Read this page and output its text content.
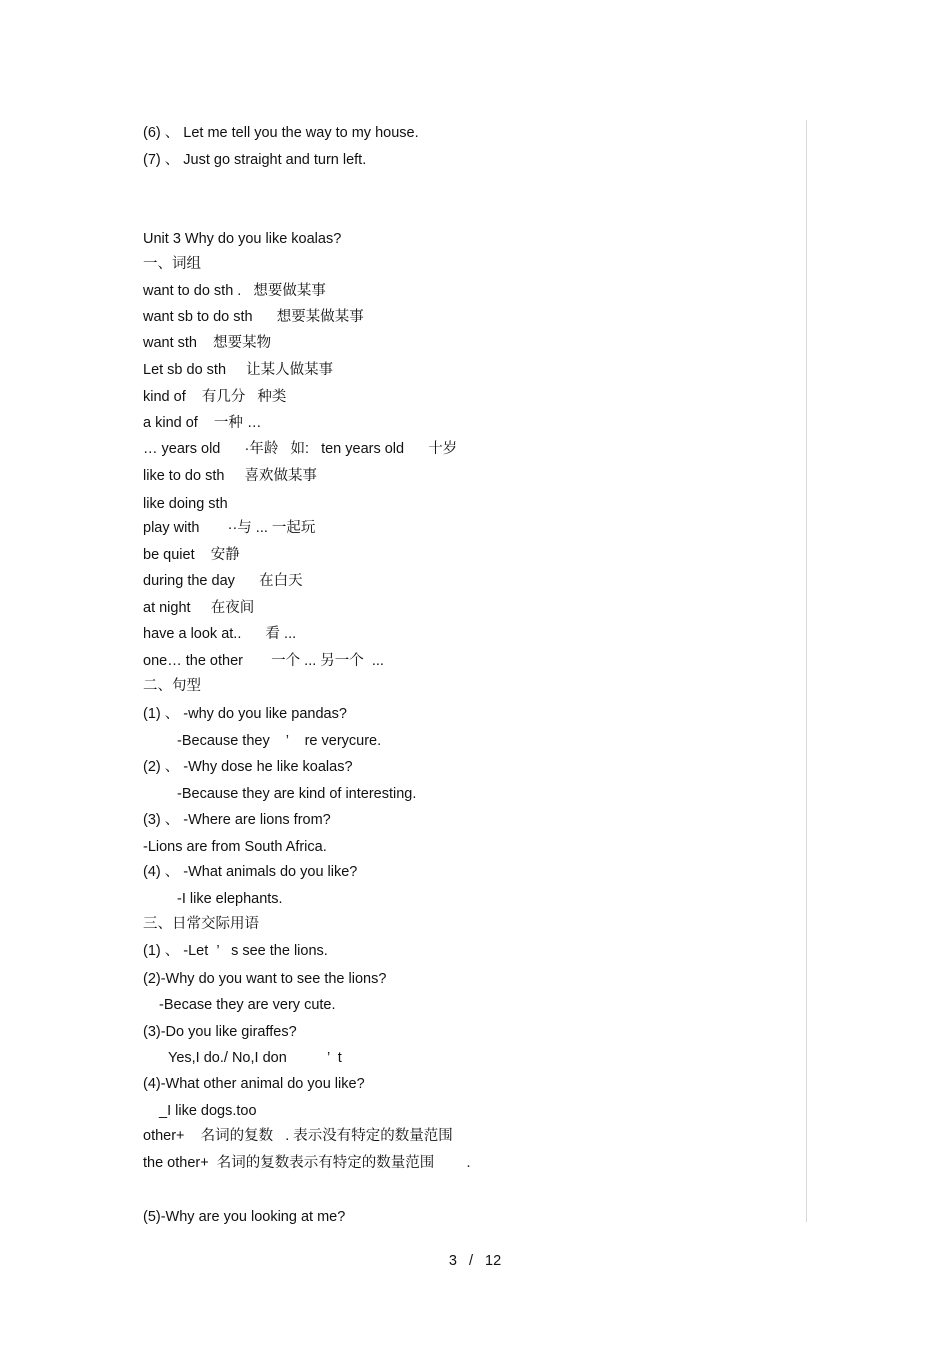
(6) 、 Let me tell you the way to my house.
(7) 、 Just go straight and turn left.
Unit 3 Why do you like koalas?
一、词组
want to do sth .   想要做某事
want sb to do sth      想要某做某事
want sth    想要某物
Let sb do sth     让某人做某事
kind of    有几分   种类
a kind of    一种 …
… years old      ·年龄   如:   ten years old      十岁
like to do sth     喜欢做某事
like doing sth
play with       ··与 ... 一起玩
be quiet    安静
during the day      在白天
at night     在夜间
have a look at..      看 ...
one… the other       一个 ... 另一个  ...
二、句型
(1) 、 -why do you like pandas?
-Because they    ’    re verycure.
(2) 、 -Why dose he like koalas?
-Because they are kind of interesting.
(3) 、 -Where are lions from?
-Lions are from South Africa.
(4) 、 -What animals do you like?
-I like elephants.
三、日常交际用语
(1) 、 -Let  ’   s see the lions.
(2)-Why do you want to see the lions?
-Becase they are very cute.
(3)-Do you like giraffes?
Yes,I do./ No,I don          ’  t
(4)-What other animal do you like?
_I like dogs.too
other+    名词的复数   . 表示没有特定的数量范围
the other+  名词的复数表示有特定的数量范围        .
(5)-Why are you looking at me?
3 / 12
